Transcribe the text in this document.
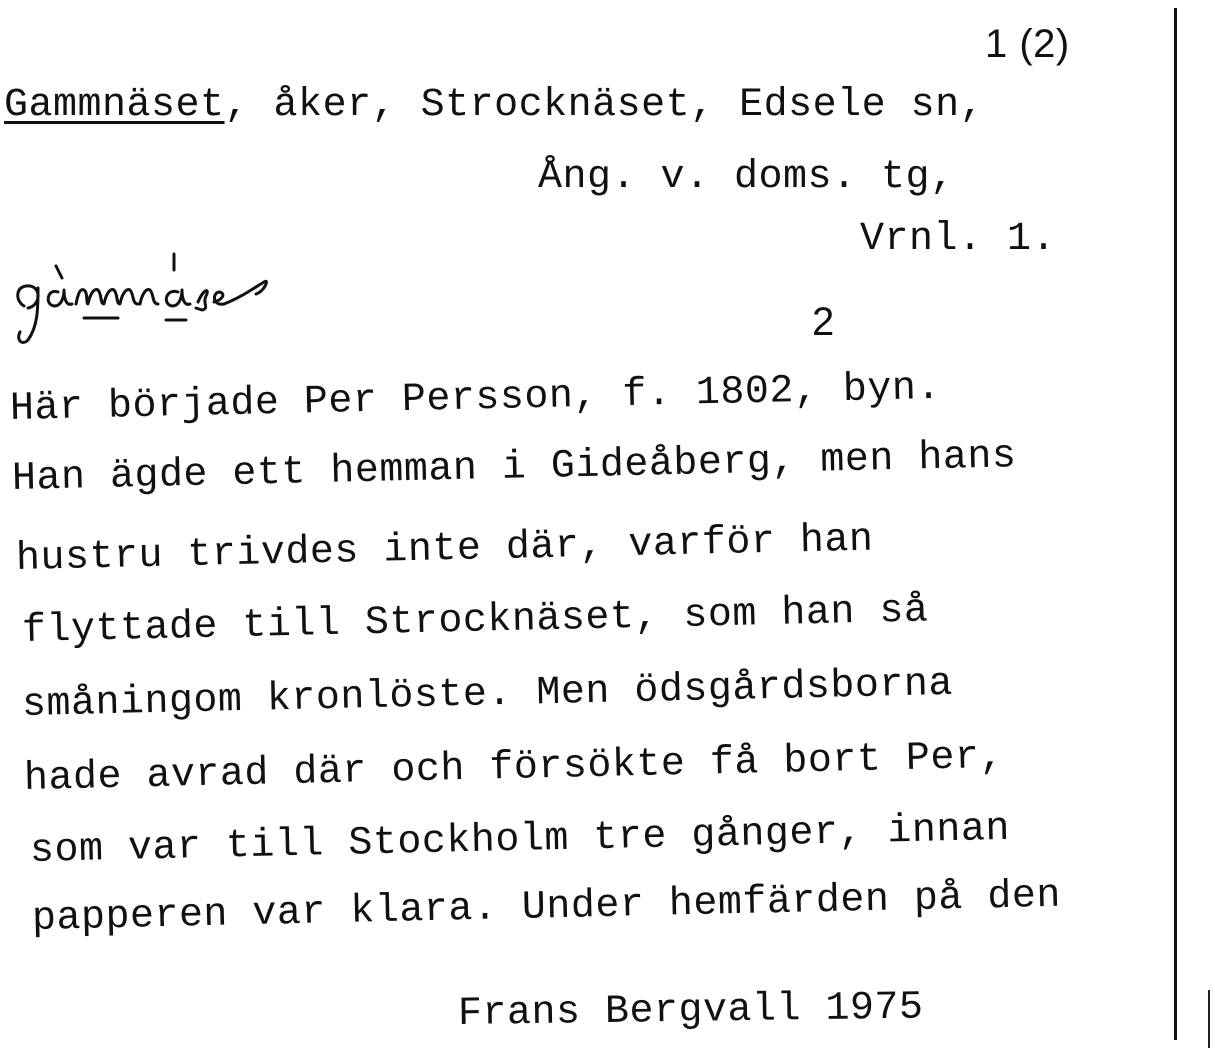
1 (2)
Gammnäset, åker, Strocknäset, Edsele sn,
Ång. v. doms. tg,
Vrnl. 1.
2
Här började Per Persson, f. 1802, byn.
Han ägde ett hemman i Gideåberg, men hans
hustru trivdes inte där, varför han
flyttade till Strocknäset, som han så
småningom kronlöste. Men ödsgårdsborna
hade avrad där och försökte få bort Per,
som var till Stockholm tre gånger, innan
papperen var klara. Under hemfärden på den
Frans Bergvall 1975
